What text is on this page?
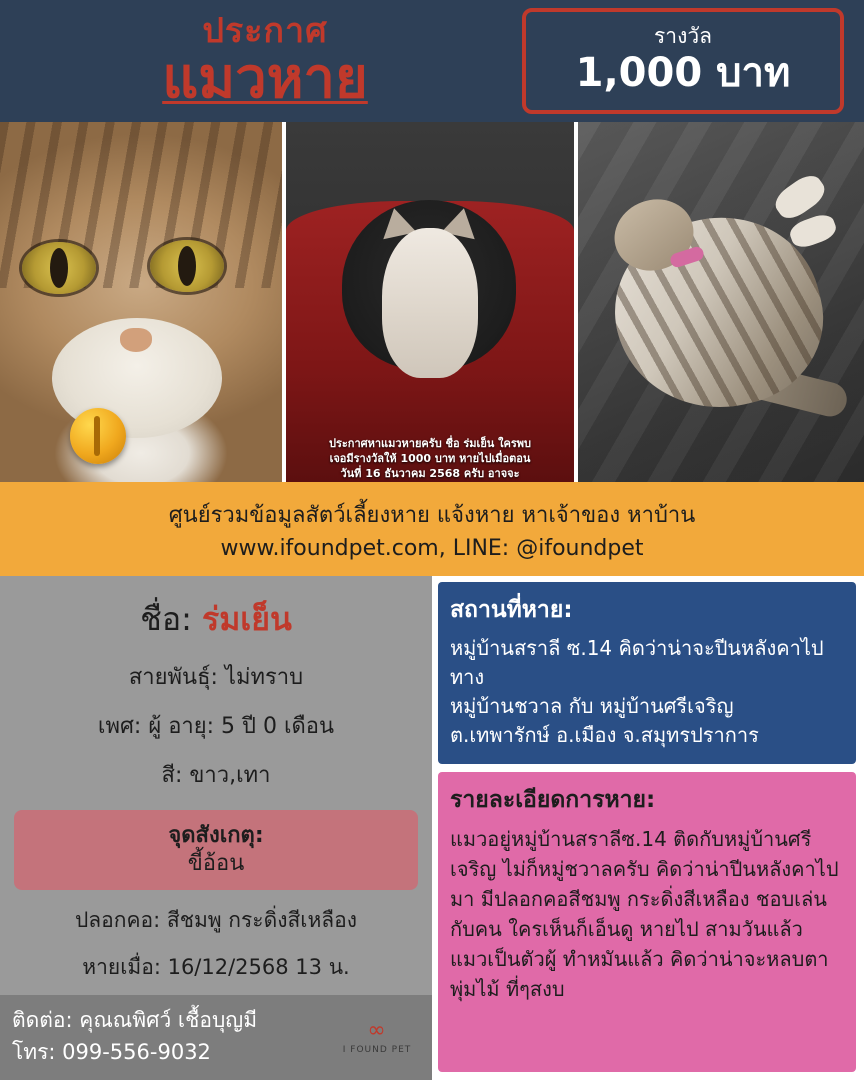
ประกาศ
แมวหาย
รางวัล
1,000 บาท
ประกาศหาแมวหายครับ ชื่อ ร่มเย็น ใครพบเจอมีรางวัลให้ 1000 บาท หายไปเมื่อตอนวันที่ 16 ธันวาคม 2568 ครับ อาจจะ
ศูนย์รวมข้อมูลสัตว์เลี้ยงหาย แจ้งหาย หาเจ้าของ หาบ้าน
www.ifoundpet.com, LINE: @ifoundpet
ชื่อ: ร่มเย็น
สายพันธุ์: ไม่ทราบ
เพศ: ผู้ อายุ: 5 ปี 0 เดือน
สี: ขาว,เทา
จุดสังเกตุ:
ขี้อ้อน
ปลอกคอ: สีชมพู กระดิ่งสีเหลือง
หายเมื่อ: 16/12/2568 13 น.
ติดต่อ: คุณณพิศว์ เชื้อบุญมี
โทร: 099-556-9032
∞
I FOUND PET
สถานที่หาย:
หมู่บ้านสราลี ซ.14 คิดว่าน่าจะปีนหลังคาไปทาง
หมู่บ้านชวาล กับ หมู่บ้านศรีเจริญ
ต.เทพารักษ์ อ.เมือง จ.สมุทรปราการ
รายละเอียดการหาย:
แมวอยู่หมู่บ้านสราลีซ.14 ติดกับหมู่บ้านศรีเจริญ ไม่ก็หมู่ชวาลครับ คิดว่าน่าปีนหลังคาไปมา มีปลอกคอสีชมพู กระดิ่งสีเหลือง ชอบเล่นกับคน ใครเห็นก็เอ็นดู หายไป สามวันแล้ว แมวเป็นตัวผู้ ทำหมันแล้ว คิดว่าน่าจะหลบตาพุ่มไม้ ที่ๆสงบ
